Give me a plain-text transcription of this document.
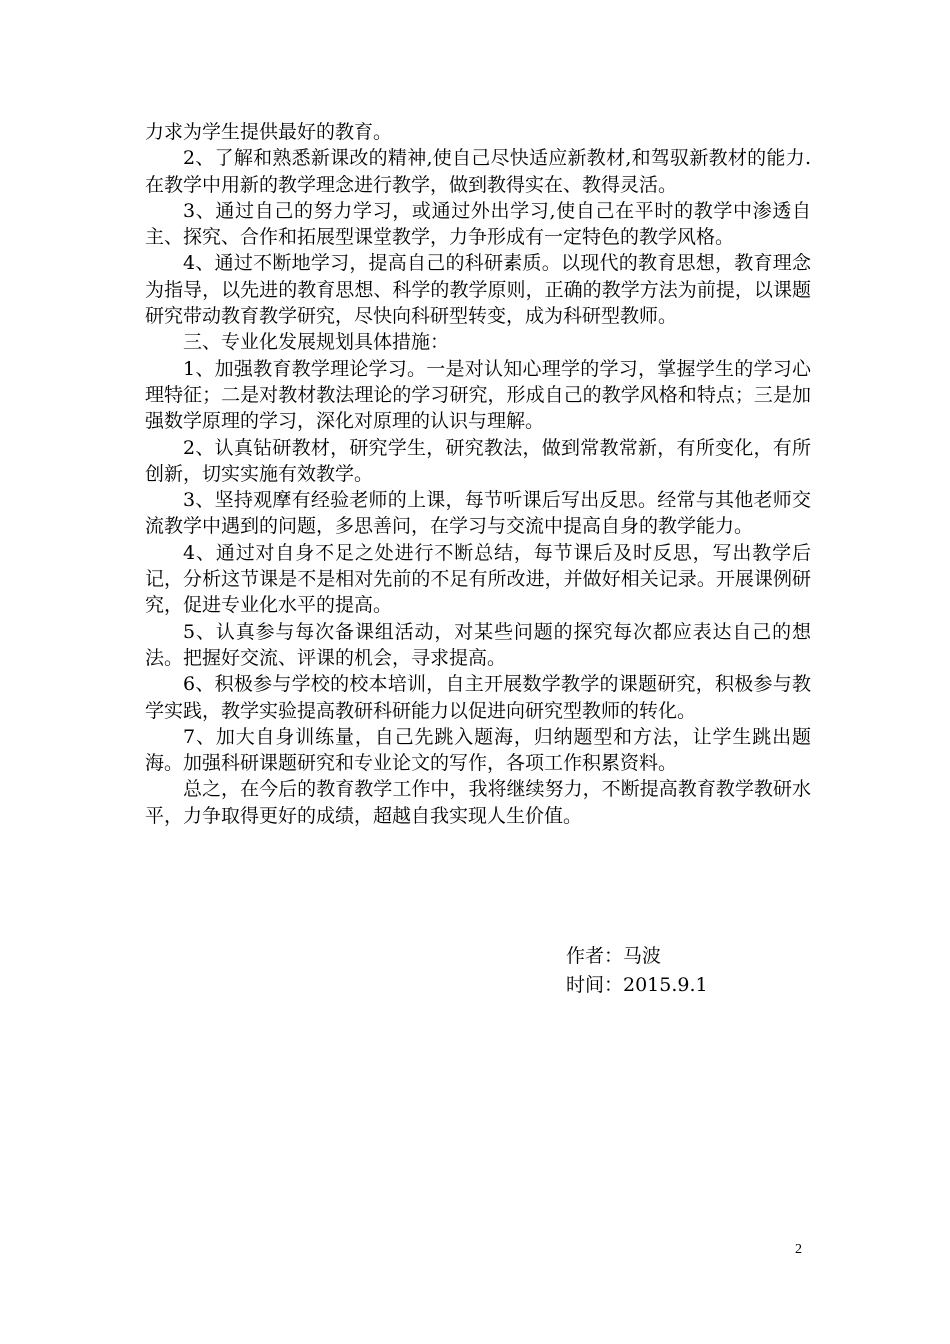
力求为学生提供最好的教育。

2、了解和熟悉新课改的精神,使自己尽快适应新教材,和驾驭新教材的能力. 在教学中用新的教学理念进行教学，做到教得实在、教得灵活。

3、通过自己的努力学习，或通过外出学习,使自己在平时的教学中渗透自主、探究、合作和拓展型课堂教学，力争形成有一定特色的教学风格。

4、通过不断地学习，提高自己的科研素质。以现代的教育思想，教育理念为指导，以先进的教育思想、科学的教学原则，正确的教学方法为前提，以课题研究带动教育教学研究，尽快向科研型转变，成为科研型教师。

三、专业化发展规划具体措施：

1、加强教育教学理论学习。一是对认知心理学的学习，掌握学生的学习心理特征；二是对教材教法理论的学习研究，形成自己的教学风格和特点；三是加强数学原理的学习，深化对原理的认识与理解。

2、认真钻研教材，研究学生，研究教法，做到常教常新，有所变化，有所创新，切实实施有效教学。

3、坚持观摩有经验老师的上课，每节听课后写出反思。经常与其他老师交流教学中遇到的问题，多思善问，在学习与交流中提高自身的教学能力。

4、通过对自身不足之处进行不断总结，每节课后及时反思，写出教学后记，分析这节课是不是相对先前的不足有所改进，并做好相关记录。开展课例研究，促进专业化水平的提高。

5、认真参与每次备课组活动，对某些问题的探究每次都应表达自己的想法。把握好交流、评课的机会，寻求提高。

6、积极参与学校的校本培训，自主开展数学教学的课题研究，积极参与教学实践，教学实验提高教研科研能力以促进向研究型教师的转化。

7、加大自身训练量，自己先跳入题海，归纳题型和方法，让学生跳出题海。加强科研课题研究和专业论文的写作，各项工作积累资料。

总之，在今后的教育教学工作中，我将继续努力，不断提高教育教学教研水平，力争取得更好的成绩，超越自我实现人生价值。

作者：马波
时间：2015.9.1
2
